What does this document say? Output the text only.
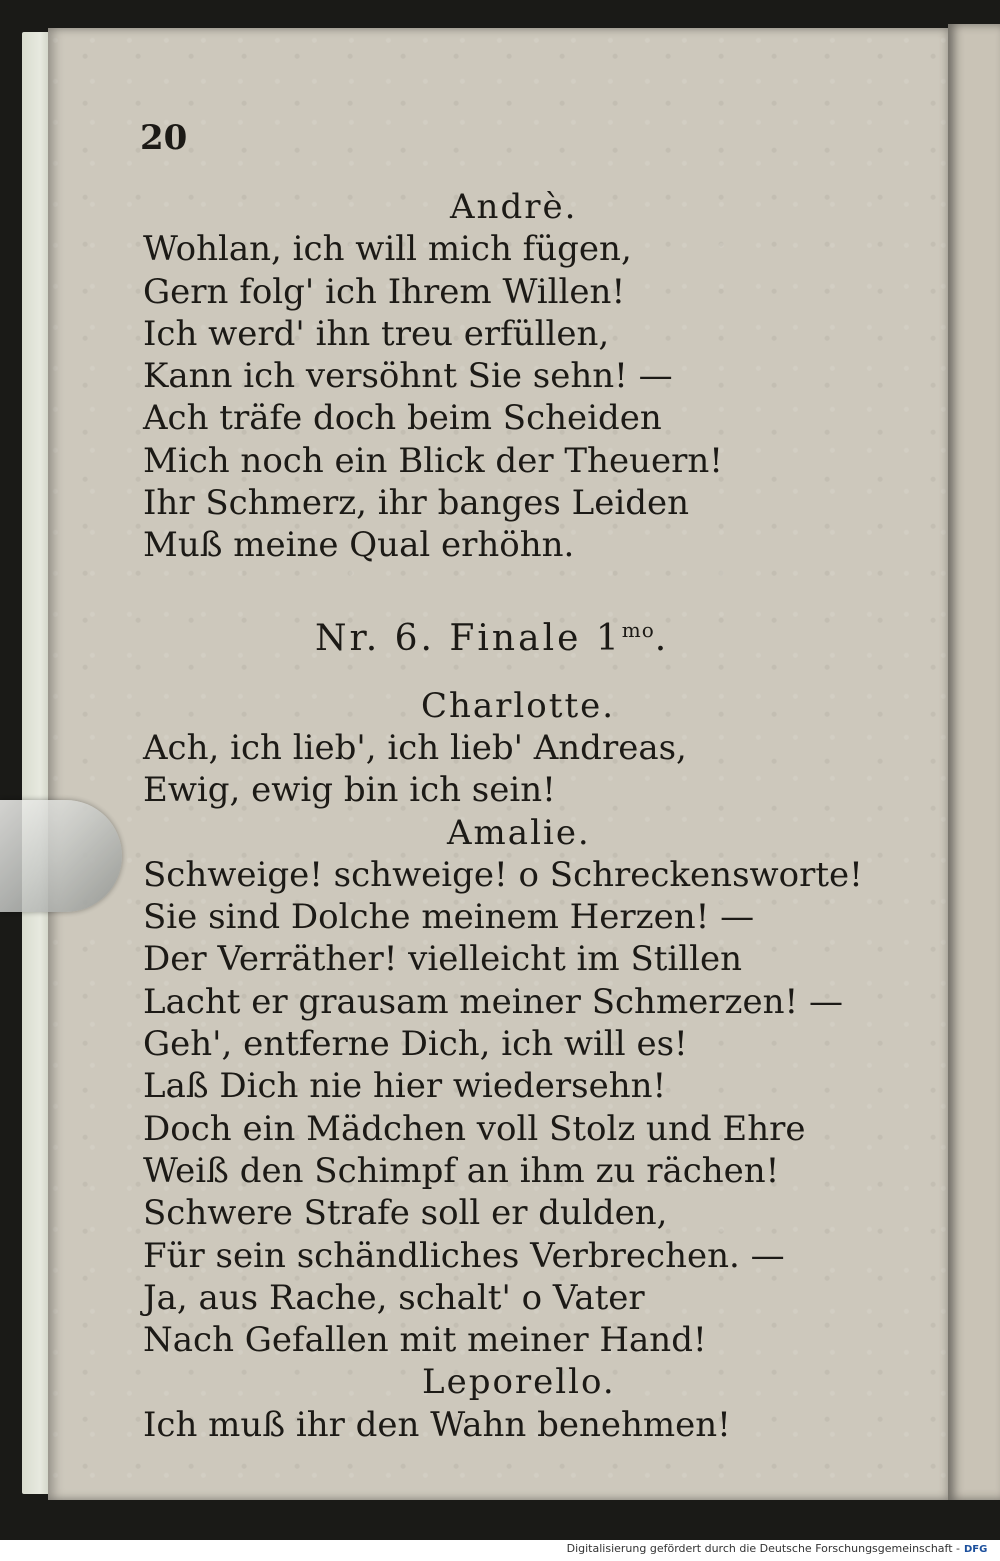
20
Andrè.
Wohlan, ich will mich fügen,
Gern folg' ich Ihrem Willen!
Ich werd' ihn treu erfüllen,
Kann ich versöhnt Sie sehn! —
Ach träfe doch beim Scheiden
Mich noch ein Blick der Theuern!
Ihr Schmerz, ihr banges Leiden
Muß meine Qual erhöhn.
Nr. 6. Finale $1^{mo}$.
Charlotte.
Ach, ich lieb', ich lieb' Andreas,
Ewig, ewig bin ich sein!
Amalie.
Schweige! schweige! o Schreckensworte!
Sie sind Dolche meinem Herzen! —
Der Verräther! vielleicht im Stillen
Lacht er grausam meiner Schmerzen! —
Geh', entferne Dich, ich will es!
Laß Dich nie hier wiedersehn!
Doch ein Mädchen voll Stolz und Ehre
Weiß den Schimpf an ihm zu rächen!
Schwere Strafe soll er dulden,
Für sein schändliches Verbrechen. —
Ja, aus Rache, schalt' o Vater
Nach Gefallen mit meiner Hand!
Leporello.
Ich muß ihr den Wahn benehmen!
Digitalisierung gefördert durch die Deutsche Forschungsgemeinschaft - DFG
